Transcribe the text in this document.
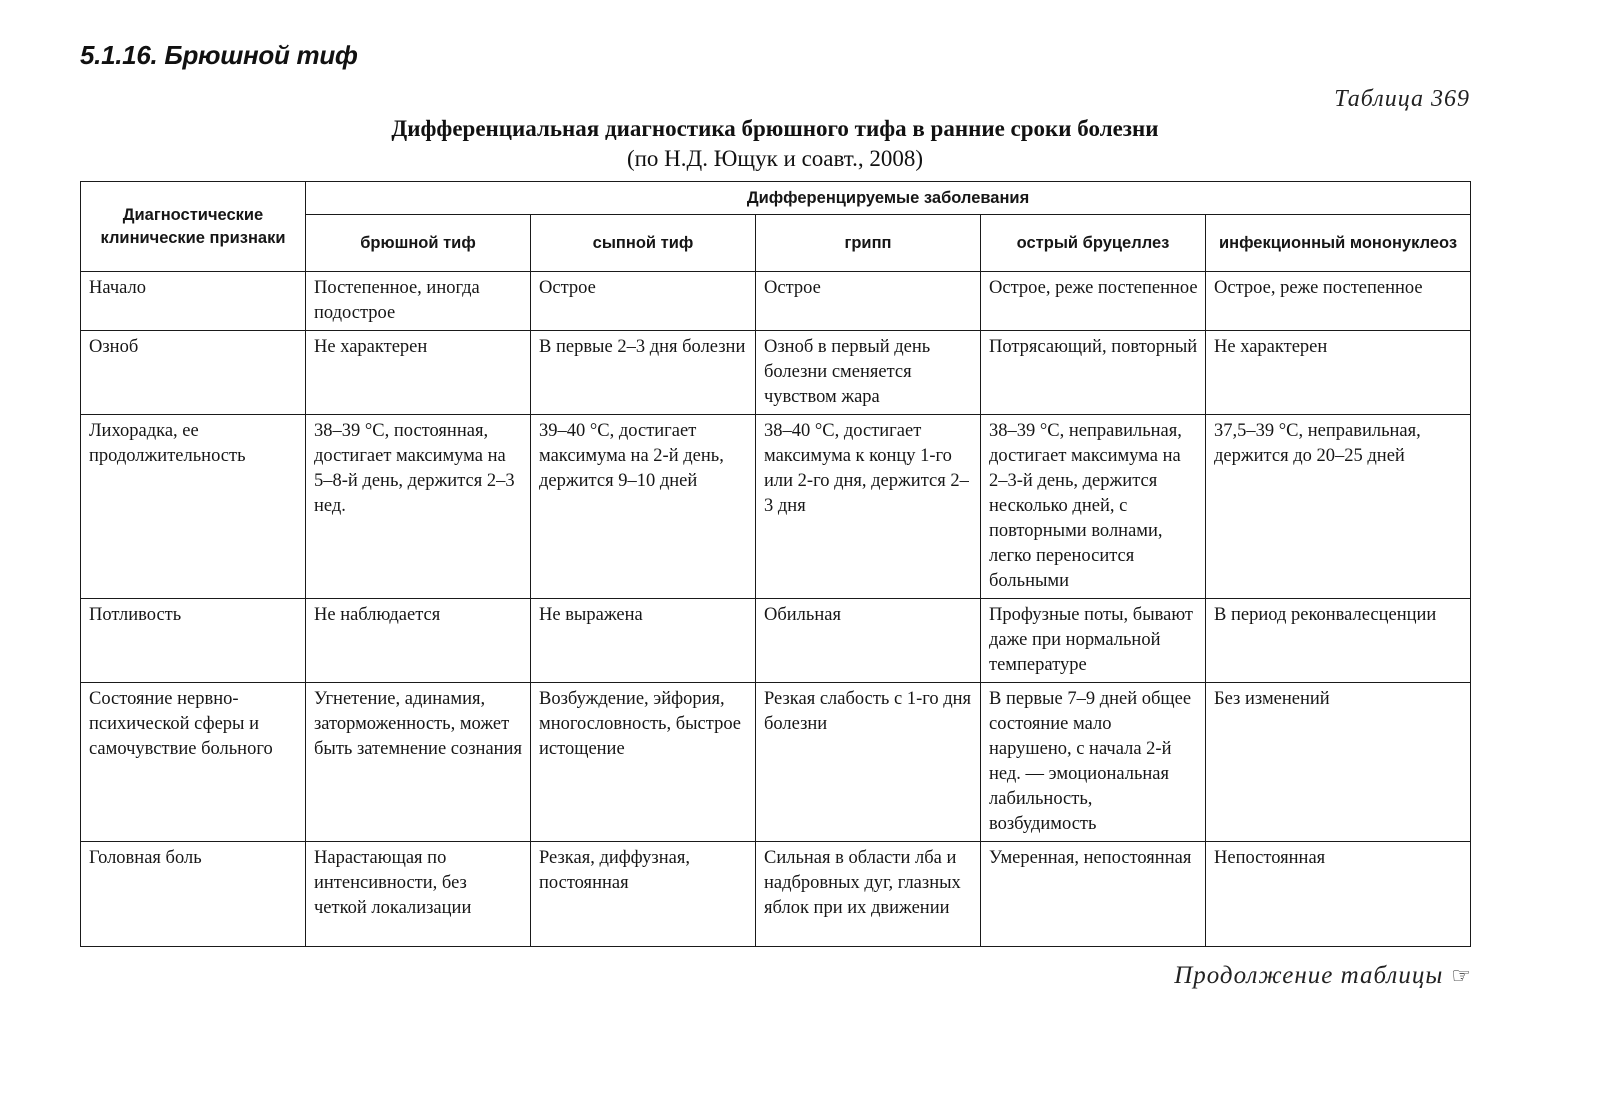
5.1.16. Брюшной тиф
Таблица 369
Дифференциальная диагностика брюшного тифа в ранние сроки болезни
(по Н.Д. Ющук и соавт., 2008)
Диагностические клинические признаки	Дифференцируемые заболевания				
	брюшной тиф	сыпной тиф	грипп	острый бруцеллез	инфекционный мононуклеоз
Начало	Постепенное, иногда подострое	Острое	Острое	Острое, реже постепенное	Острое, реже постепенное
Озноб	Не характерен	В первые 2–3 дня болезни	Озноб в первый день болезни сменяется чувством жара	Потрясающий, повторный	Не характерен
Лихорадка, ее продолжительность	38–39 °С, постоянная, достигает максимума на 5–8-й день, держится 2–3 нед.	39–40 °С, достигает максимума на 2-й день, держится 9–10 дней	38–40 °С, достигает максимума к концу 1-го или 2-го дня, держится 2–3 дня	38–39 °С, неправильная, достигает максимума на 2–3-й день, держится несколько дней, с повторными волнами, легко переносится больными	37,5–39 °С, неправильная, держится до 20–25 дней
Потливость	Не наблюдается	Не выражена	Обильная	Профузные поты, бывают даже при нормальной температуре	В период реконвалесценции
Состояние нервно-психической сферы и самочувствие больного	Угнетение, адинамия, заторможенность, может быть затемнение сознания	Возбуждение, эйфория, многословность, быстрое истощение	Резкая слабость с 1-го дня болезни	В первые 7–9 дней общее состояние мало нарушено, с начала 2-й нед. — эмоциональная лабильность, возбудимость	Без изменений
Головная боль	Нарастающая по интенсивности, без четкой локализации	Резкая, диффузная, постоянная	Сильная в области лба и надбровных дуг, глазных яблок при их движении	Умеренная, непостоянная	Непостоянная
Продолжение таблицы ☞
